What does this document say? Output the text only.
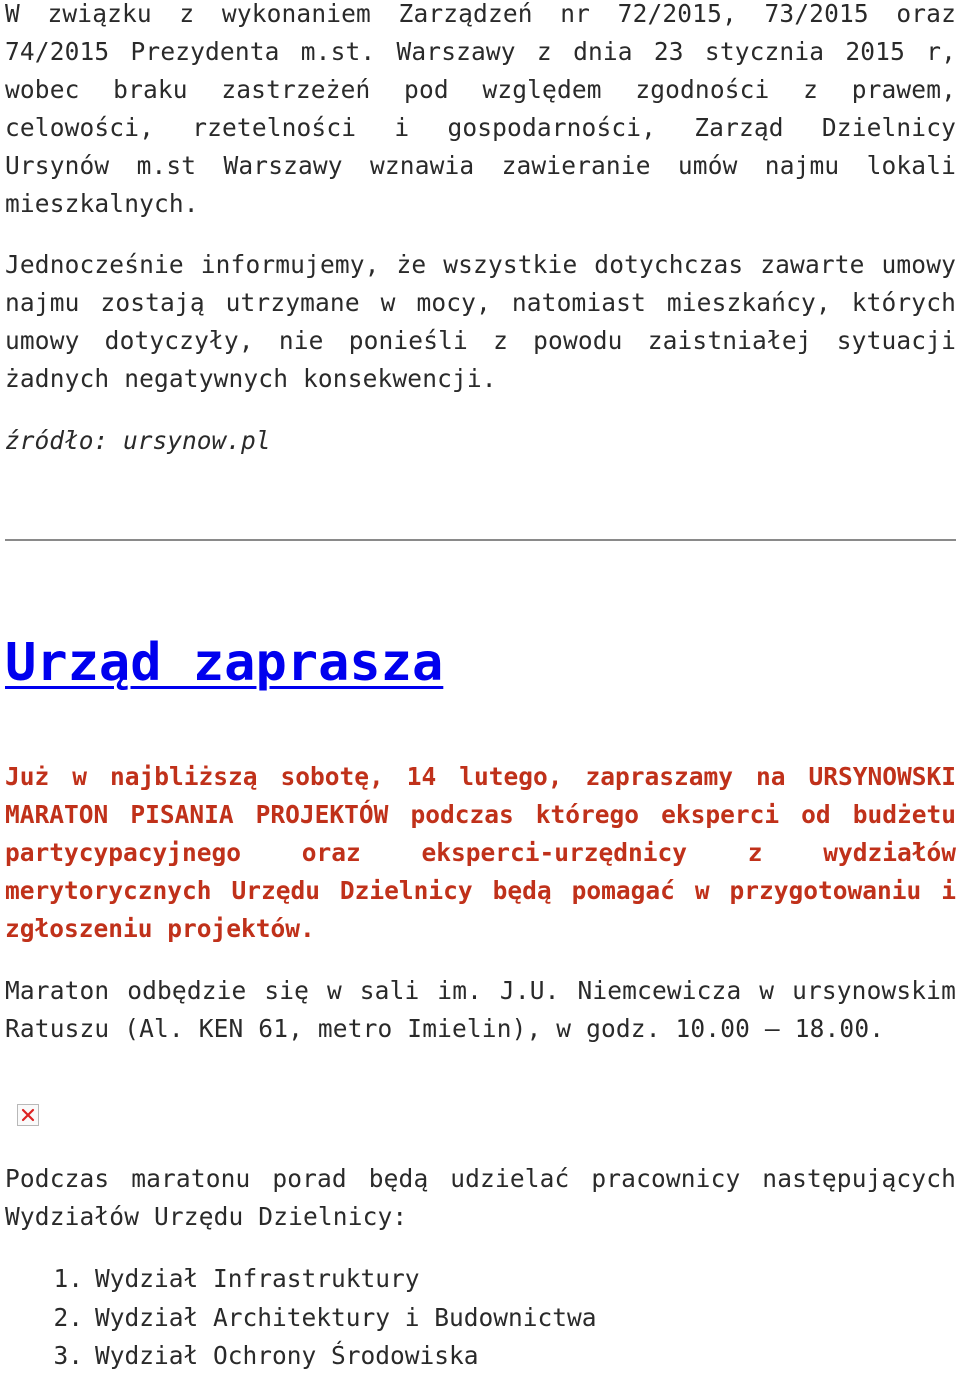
W związku z wykonaniem Zarządzeń nr 72/2015, 73/2015 oraz 74/2015 Prezydenta m.st. Warszawy z dnia 23 stycznia 2015 r, wobec braku zastrzeżeń pod względem zgodności z prawem, celowości, rzetelności i gospodarności, Zarząd Dzielnicy Ursynów m.st Warszawy wznawia zawieranie umów najmu lokali mieszkalnych.

Jednocześnie informujemy, że wszystkie dotychczas zawarte umowy najmu zostają utrzymane w mocy, natomiast mieszkańcy, których umowy dotyczyły, nie ponieśli z powodu zaistniałej sytuacji żadnych negatywnych konsekwencji.

źródło: ursynow.pl

Urząd zaprasza

Już w najbliższą sobotę, 14 lutego, zapraszamy na URSYNOWSKI MARATON PISANIA PROJEKTÓW podczas którego eksperci od budżetu partycypacyjnego oraz eksperci-urzędnicy z wydziałów merytorycznych Urzędu Dzielnicy będą pomagać w przygotowaniu i zgłoszeniu projektów.

Maraton odbędzie się w sali im. J.U. Niemcewicza w ursynowskim Ratuszu (Al. KEN 61, metro Imielin), w godz. 10.00 – 18.00.

Podczas maratonu porad będą udzielać pracownicy następujących Wydziałów Urzędu Dzielnicy:

1. Wydział Infrastruktury
2. Wydział Architektury i Budownictwa
3. Wydział Ochrony Środowiska
